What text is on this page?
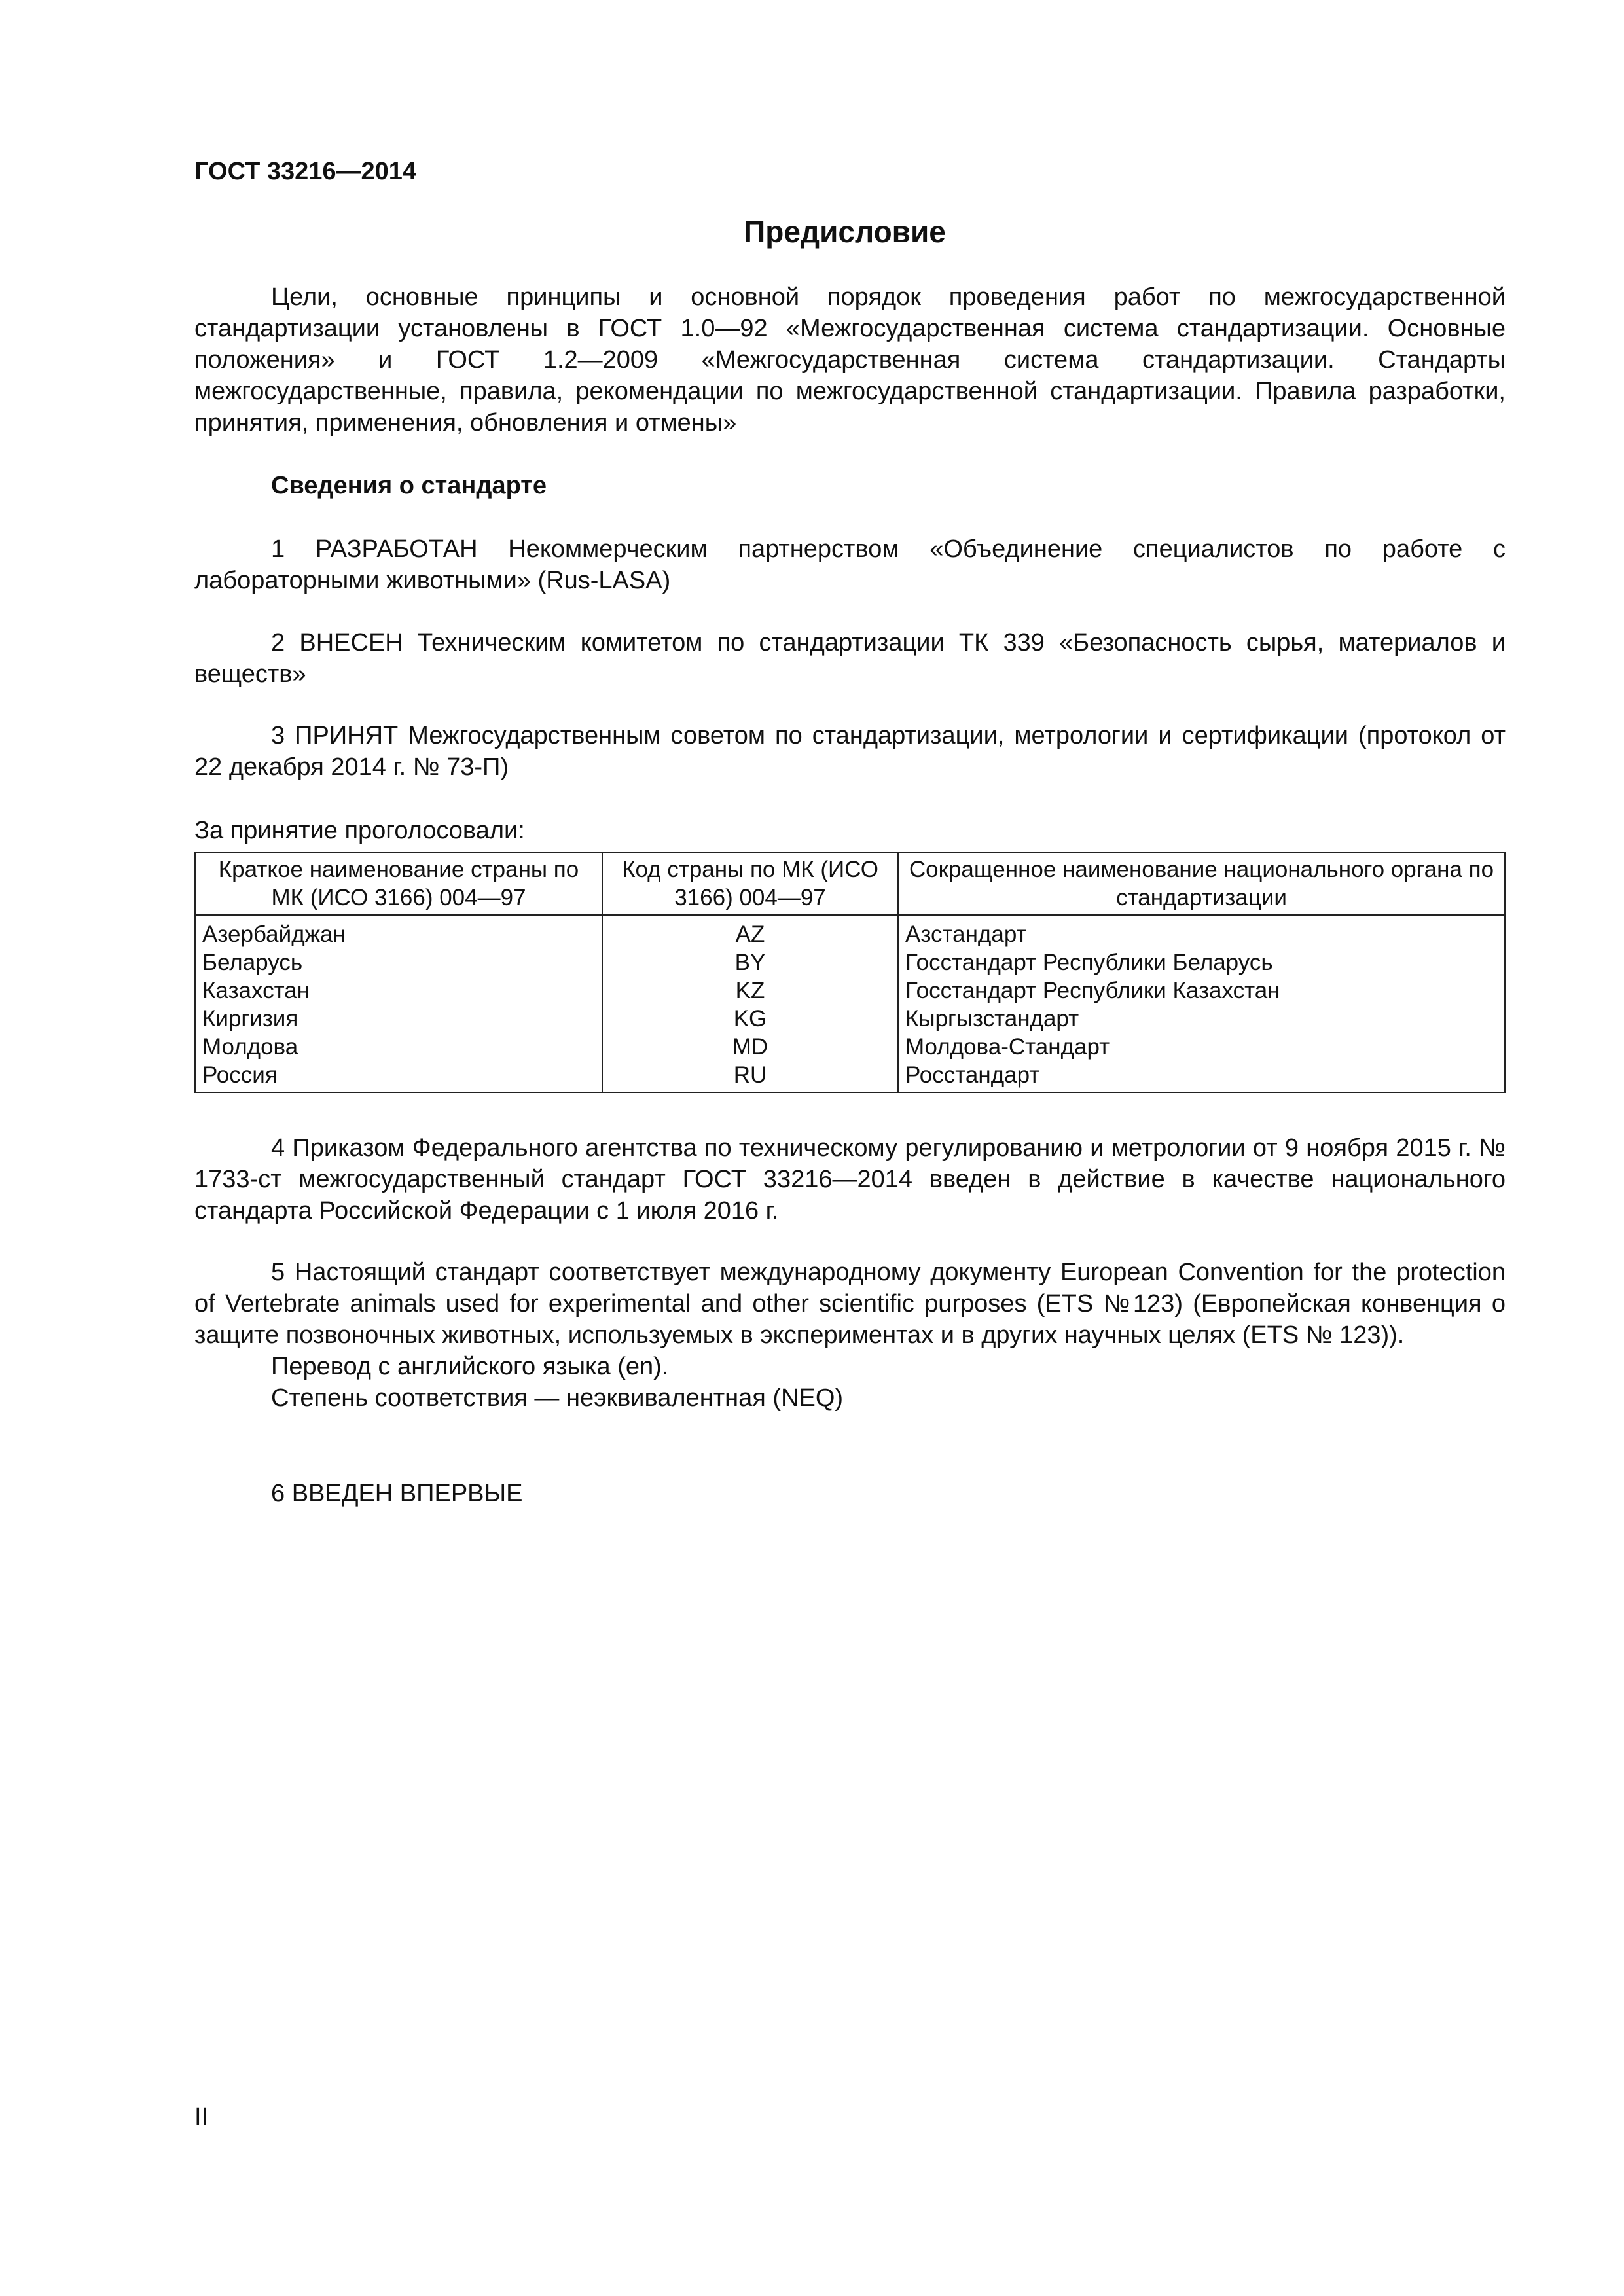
ГОСТ 33216—2014
Предисловие

Цели, основные принципы и основной порядок проведения работ по межгосударственной стандартизации установлены в ГОСТ 1.0—92 «Межгосударственная система стандартизации. Основные положения» и ГОСТ 1.2—2009 «Межгосударственная система стандартизации. Стандарты межгосударственные, правила, рекомендации по межгосударственной стандартизации. Правила разработки, принятия, применения, обновления и отмены»

Сведения о стандарте

1 РАЗРАБОТАН Некоммерческим партнерством «Объединение специалистов по работе с лабораторными животными» (Rus-LASA)

2 ВНЕСЕН Техническим комитетом по стандартизации ТК 339 «Безопасность сырья, материалов и веществ»

3 ПРИНЯТ Межгосударственным советом по стандартизации, метрологии и сертификации (протокол от 22 декабря 2014 г. № 73-П)

За принятие проголосовали:

Краткое наименование страны по МК (ИСО 3166) 004—97	Код страны по МК (ИСО 3166) 004—97	Сокращенное наименование национального органа по стандартизации
Азербайджан	AZ	Азстандарт
Беларусь	BY	Госстандарт Республики Беларусь
Казахстан	KZ	Госстандарт Республики Казахстан
Киргизия	KG	Кыргызстандарт
Молдова	MD	Молдова-Стандарт
Россия	RU	Росстандарт

4 Приказом Федерального агентства по техническому регулированию и метрологии от 9 ноября 2015 г. № 1733-ст межгосударственный стандарт ГОСТ 33216—2014 введен в действие в качестве национального стандарта Российской Федерации с 1 июля 2016 г.

5 Настоящий стандарт соответствует международному документу European Convention for the protection of Vertebrate animals used for experimental and other scientific purposes (ETS №123) (Европейская конвенция о защите позвоночных животных, используемых в экспериментах и в других научных целях (ETS № 123)).

Перевод с английского языка (en).

Степень соответствия — неэквивалентная (NEQ)

6 ВВЕДЕН ВПЕРВЫЕ

II
